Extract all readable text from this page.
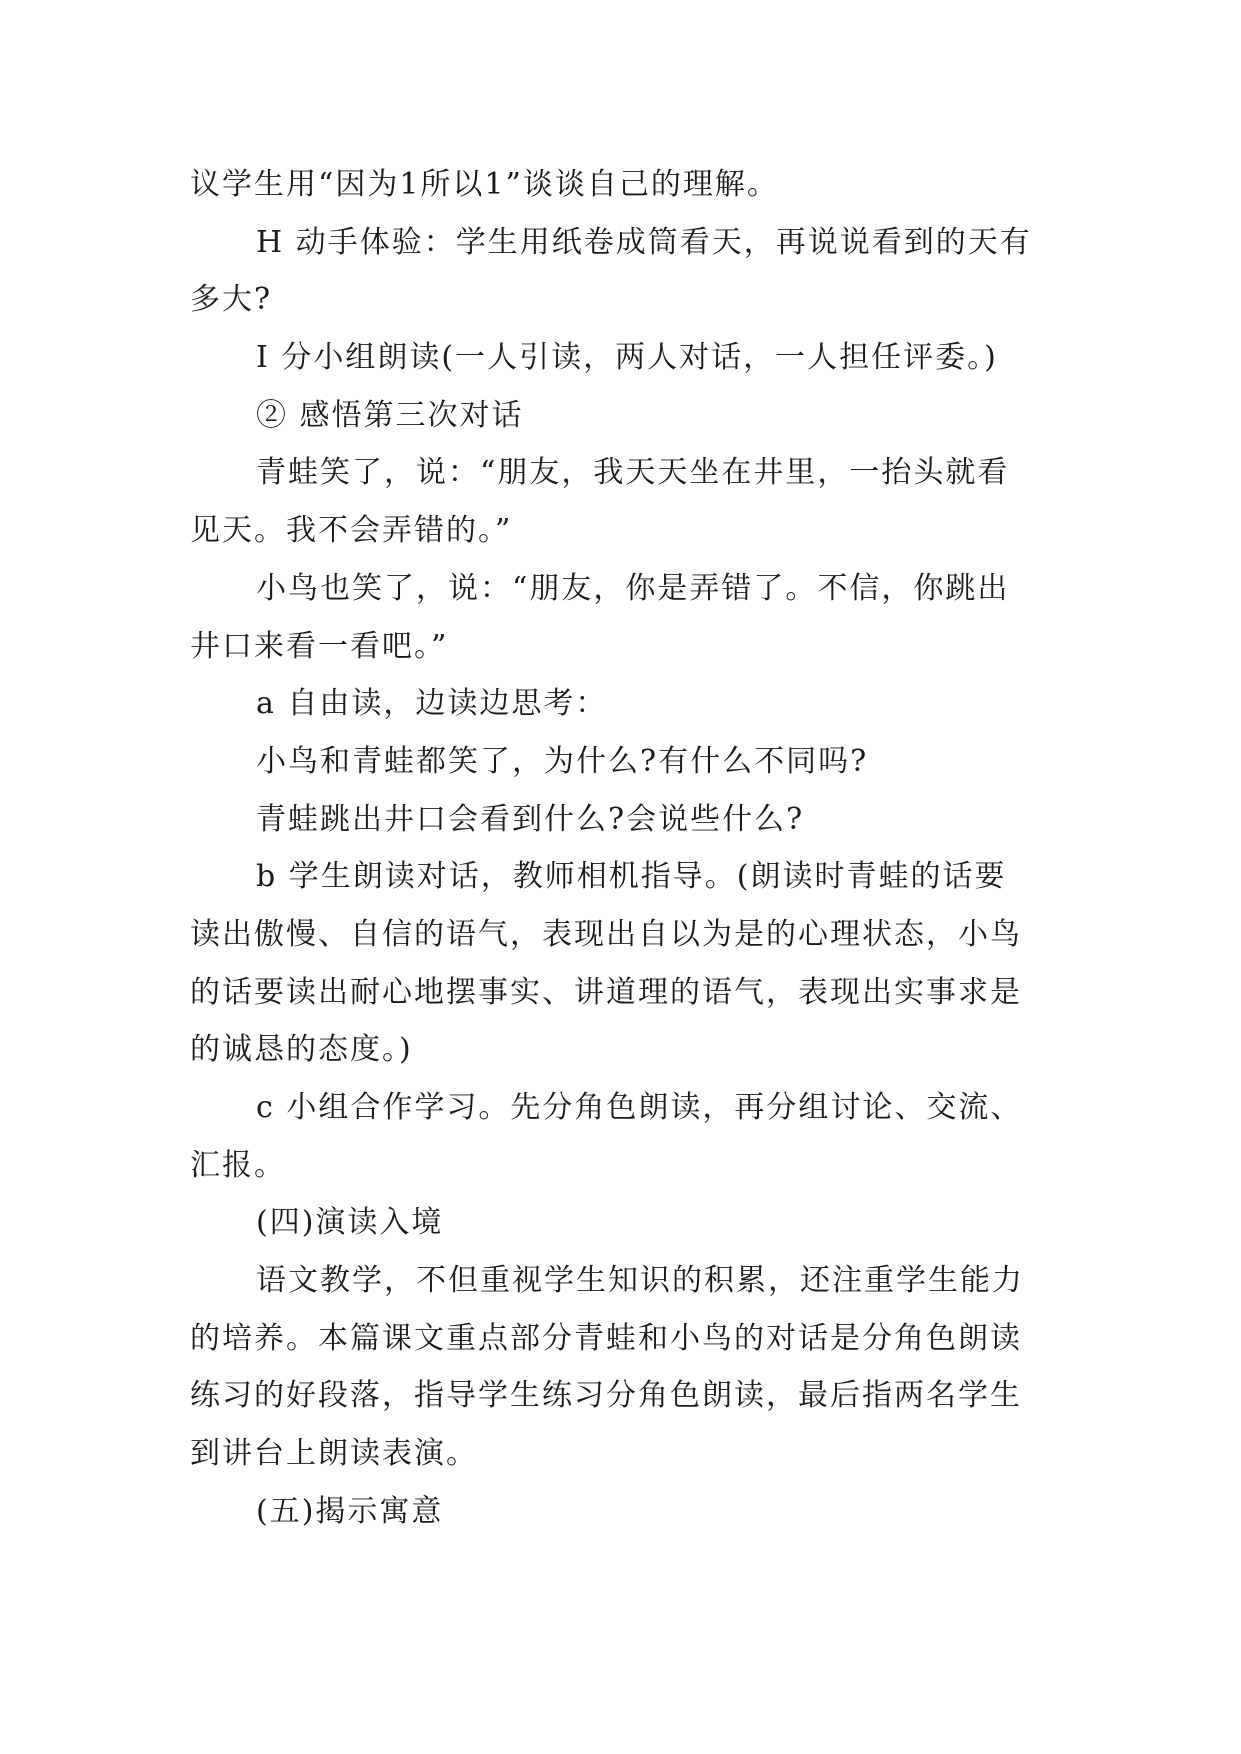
议学生用“因为1所以1”谈谈自己的理解。
H 动手体验：学生用纸卷成筒看天，再说说看到的天有
多大?
I 分小组朗读(一人引读，两人对话，一人担任评委。)
② 感悟第三次对话
青蛙笑了，说：“朋友，我天天坐在井里，一抬头就看
见天。我不会弄错的。”
小鸟也笑了，说：“朋友，你是弄错了。不信，你跳出
井口来看一看吧。”
a 自由读，边读边思考：
小鸟和青蛙都笑了，为什么?有什么不同吗?
青蛙跳出井口会看到什么?会说些什么?
b 学生朗读对话，教师相机指导。(朗读时青蛙的话要
读出傲慢、自信的语气，表现出自以为是的心理状态，小鸟
的话要读出耐心地摆事实、讲道理的语气，表现出实事求是
的诚恳的态度。)
c 小组合作学习。先分角色朗读，再分组讨论、交流、
汇报。
(四)演读入境
语文教学，不但重视学生知识的积累，还注重学生能力
的培养。本篇课文重点部分青蛙和小鸟的对话是分角色朗读
练习的好段落，指导学生练习分角色朗读，最后指两名学生
到讲台上朗读表演。
(五)揭示寓意
